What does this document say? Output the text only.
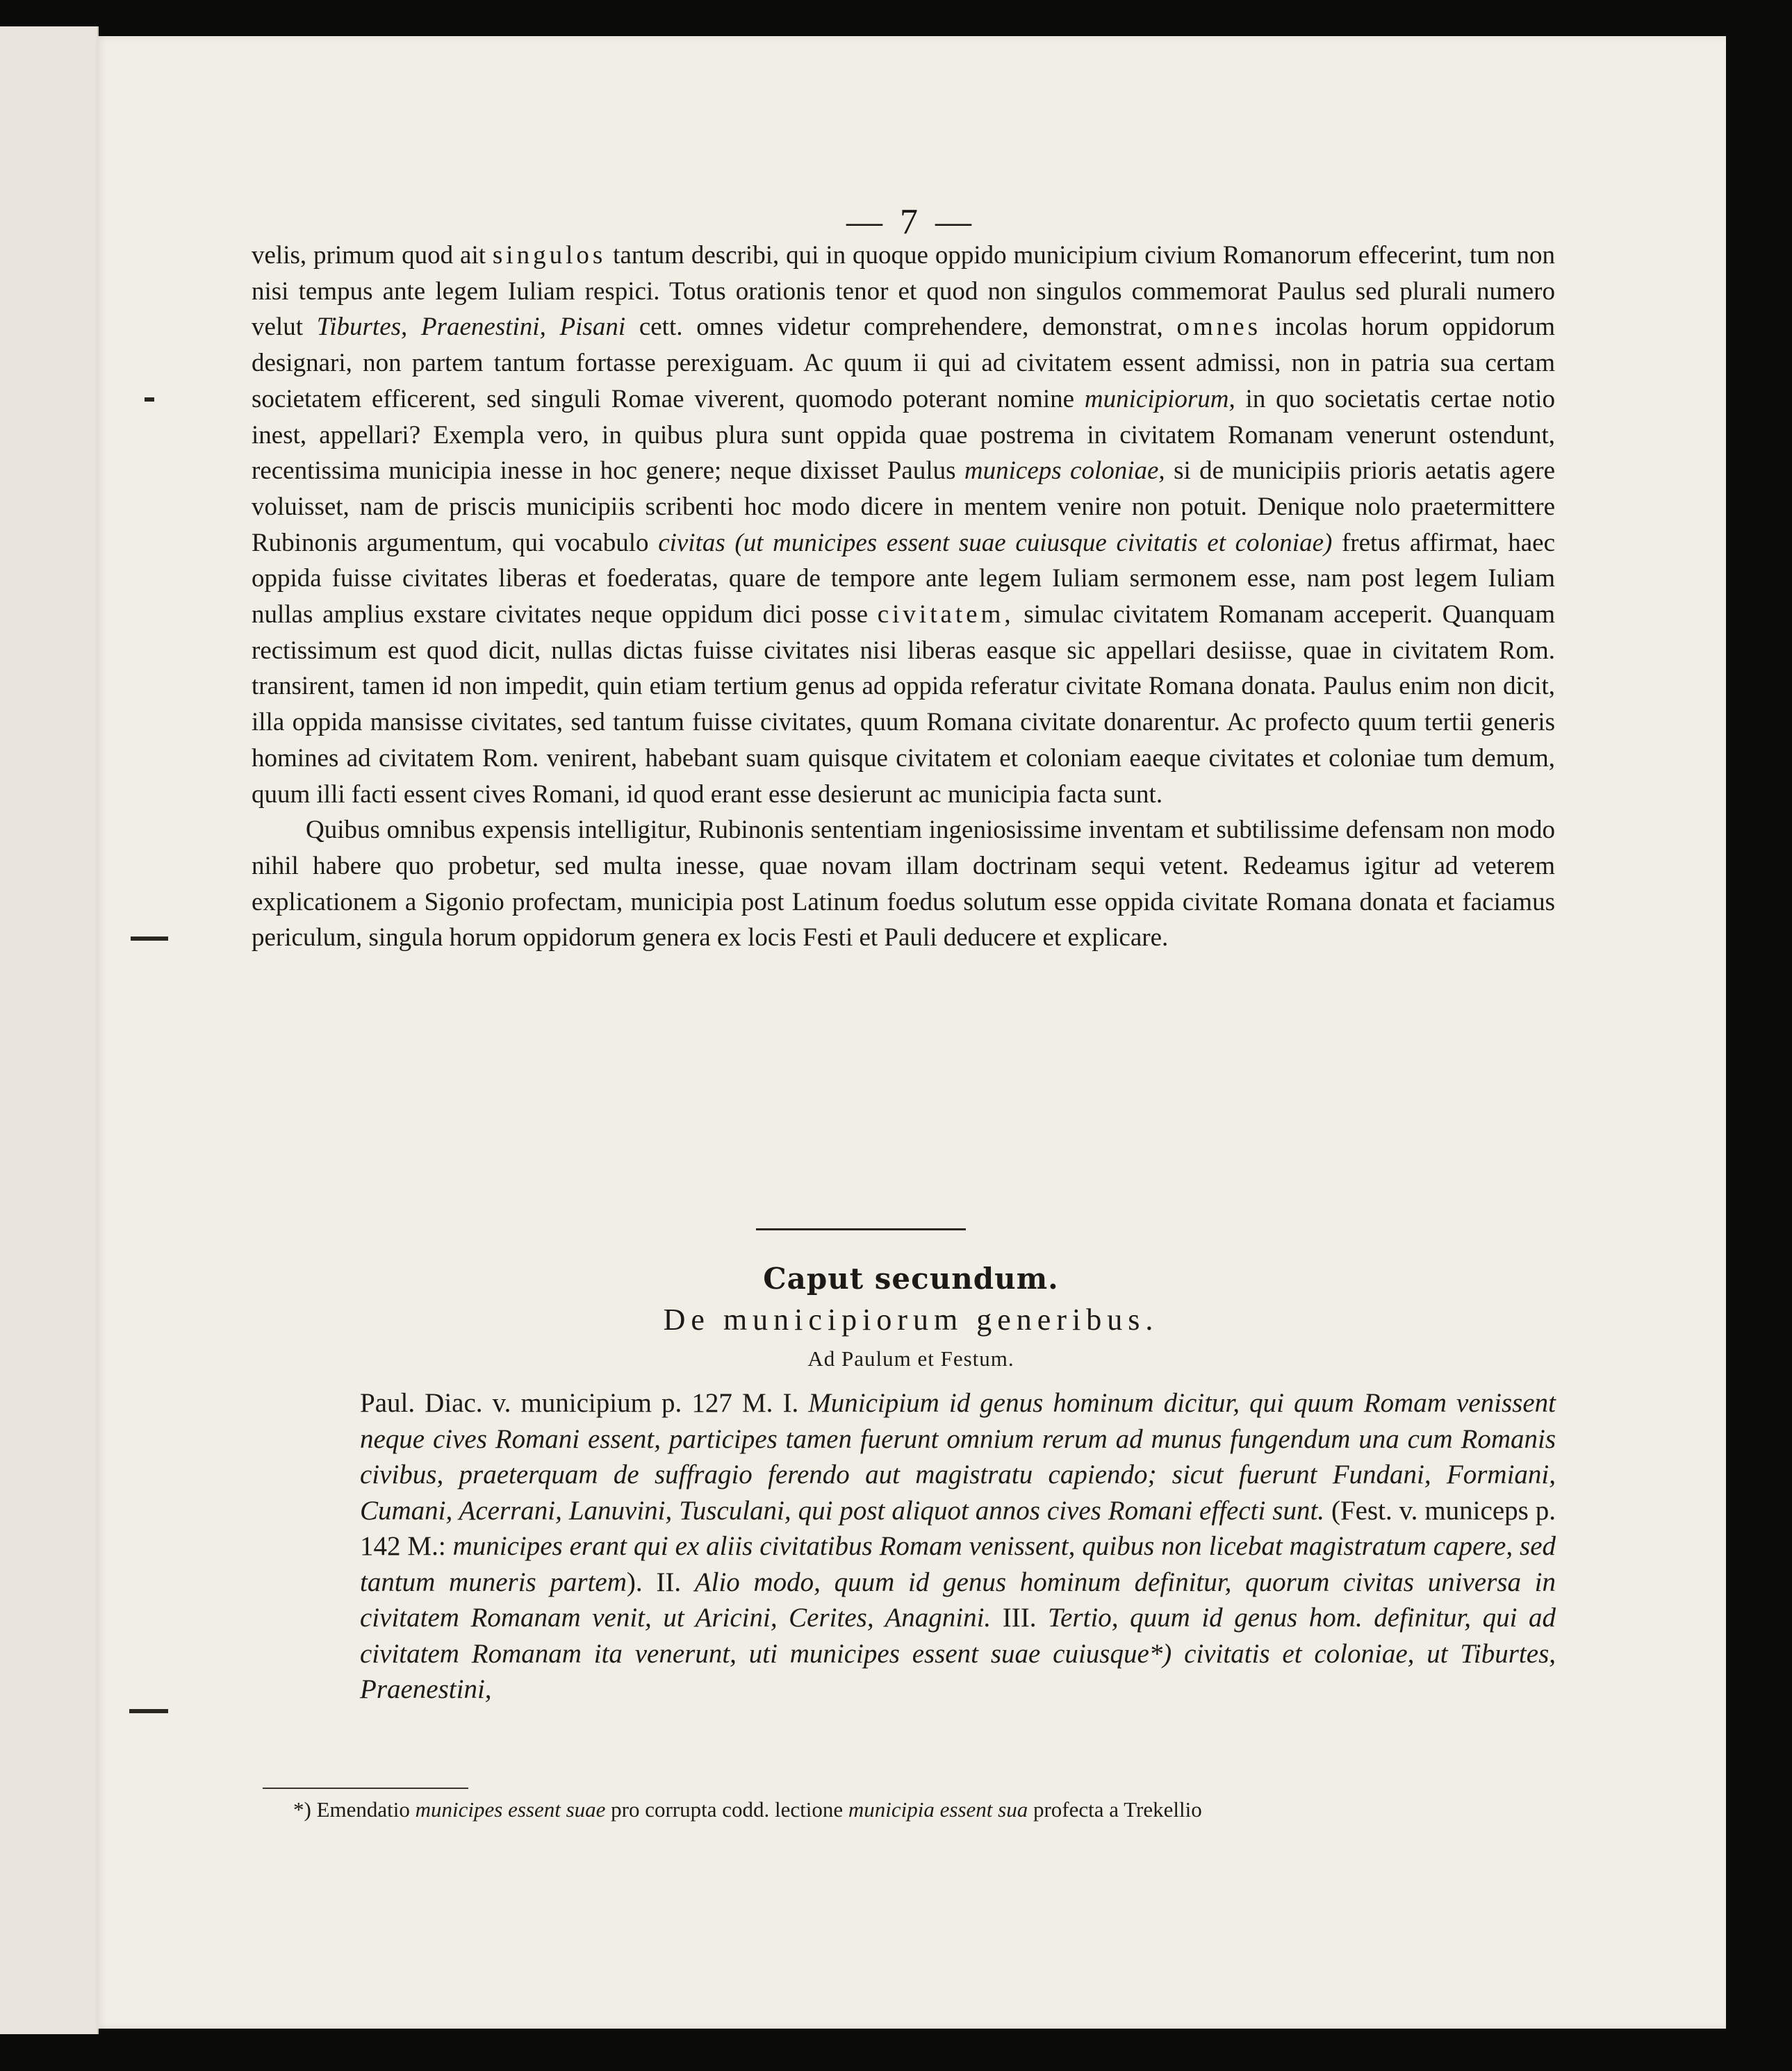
— 7 —

velis, primum quod ait singulos tantum describi, qui in quoque oppido municipium civium Romanorum effecerint, tum non nisi tempus ante legem Iuliam respici. Totus orationis tenor et quod non singulos commemorat Paulus sed plurali numero velut Tiburtes, Praenestini, Pisani cett. omnes videtur comprehendere, demonstrat, omnes incolas horum oppidorum designari, non partem tantum fortasse perexiguam. Ac quum ii qui ad civitatem essent admissi, non in patria sua certam societatem efficerent, sed singuli Romae viverent, quomodo poterant nomine municipiorum, in quo societatis certae notio inest, appellari? Exempla vero, in quibus plura sunt oppida quae postrema in civitatem Romanam venerunt ostendunt, recentissima municipia inesse in hoc genere; neque dixisset Paulus municeps coloniae, si de municipiis prioris aetatis agere voluisset, nam de priscis municipiis scribenti hoc modo dicere in mentem venire non potuit. Denique nolo praetermittere Rubinonis argumentum, qui vocabulo civitas (ut municipes essent suae cuiusque civitatis et coloniae) fretus affirmat, haec oppida fuisse civitates liberas et foederatas, quare de tempore ante legem Iuliam sermonem esse, nam post legem Iuliam nullas amplius exstare civitates neque oppidum dici posse civitatem, simulac civitatem Romanam acceperit. Quanquam rectissimum est quod dicit, nullas dictas fuisse civitates nisi liberas easque sic appellari desiisse, quae in civitatem Rom. transirent, tamen id non impedit, quin etiam tertium genus ad oppida referatur civitate Romana donata. Paulus enim non dicit, illa oppida mansisse civitates, sed tantum fuisse civitates, quum Romana civitate donarentur. Ac profecto quum tertii generis homines ad civitatem Rom. venirent, habebant suam quisque civitatem et coloniam eaeque civitates et coloniae tum demum, quum illi facti essent cives Romani, id quod erant esse desierunt ac municipia facta sunt.

Quibus omnibus expensis intelligitur, Rubinonis sententiam ingeniosissime inventam et subtilissime defensam non modo nihil habere quo probetur, sed multa inesse, quae novam illam doctrinam sequi vetent. Redeamus igitur ad veterem explicationem a Sigonio profectam, municipia post Latinum foedus solutum esse oppida civitate Romana donata et faciamus periculum, singula horum oppidorum genera ex locis Festi et Pauli deducere et explicare.

Caput secundum.
De municipiorum generibus.
Ad Paulum et Festum.

Paul. Diac. v. municipium p. 127 M. I. Municipium id genus hominum dicitur, qui quum Romam venissent neque cives Romani essent, participes tamen fuerunt omnium rerum ad munus fungendum una cum Romanis civibus, praeterquam de suffragio ferendo aut magistratu capiendo; sicut fuerunt Fundani, Formiani, Cumani, Acerrani, Lanuvini, Tusculani, qui post aliquot annos cives Romani effecti sunt. (Fest. v. municeps p. 142 M.: municipes erant qui ex aliis civitatibus Romam venissent, quibus non licebat magistratum capere, sed tantum muneris partem). II. Alio modo, quum id genus hominum definitur, quorum civitas universa in civitatem Romanam venit, ut Aricini, Cerites, Anagnini. III. Tertio, quum id genus hom. definitur, qui ad civitatem Romanam ita venerunt, uti municipes essent suae cuiusque*) civitatis et coloniae, ut Tiburtes, Praenestini,

*) Emendatio municipes essent suae pro corrupta codd. lectione municipia essent sua profecta a Trekellio
